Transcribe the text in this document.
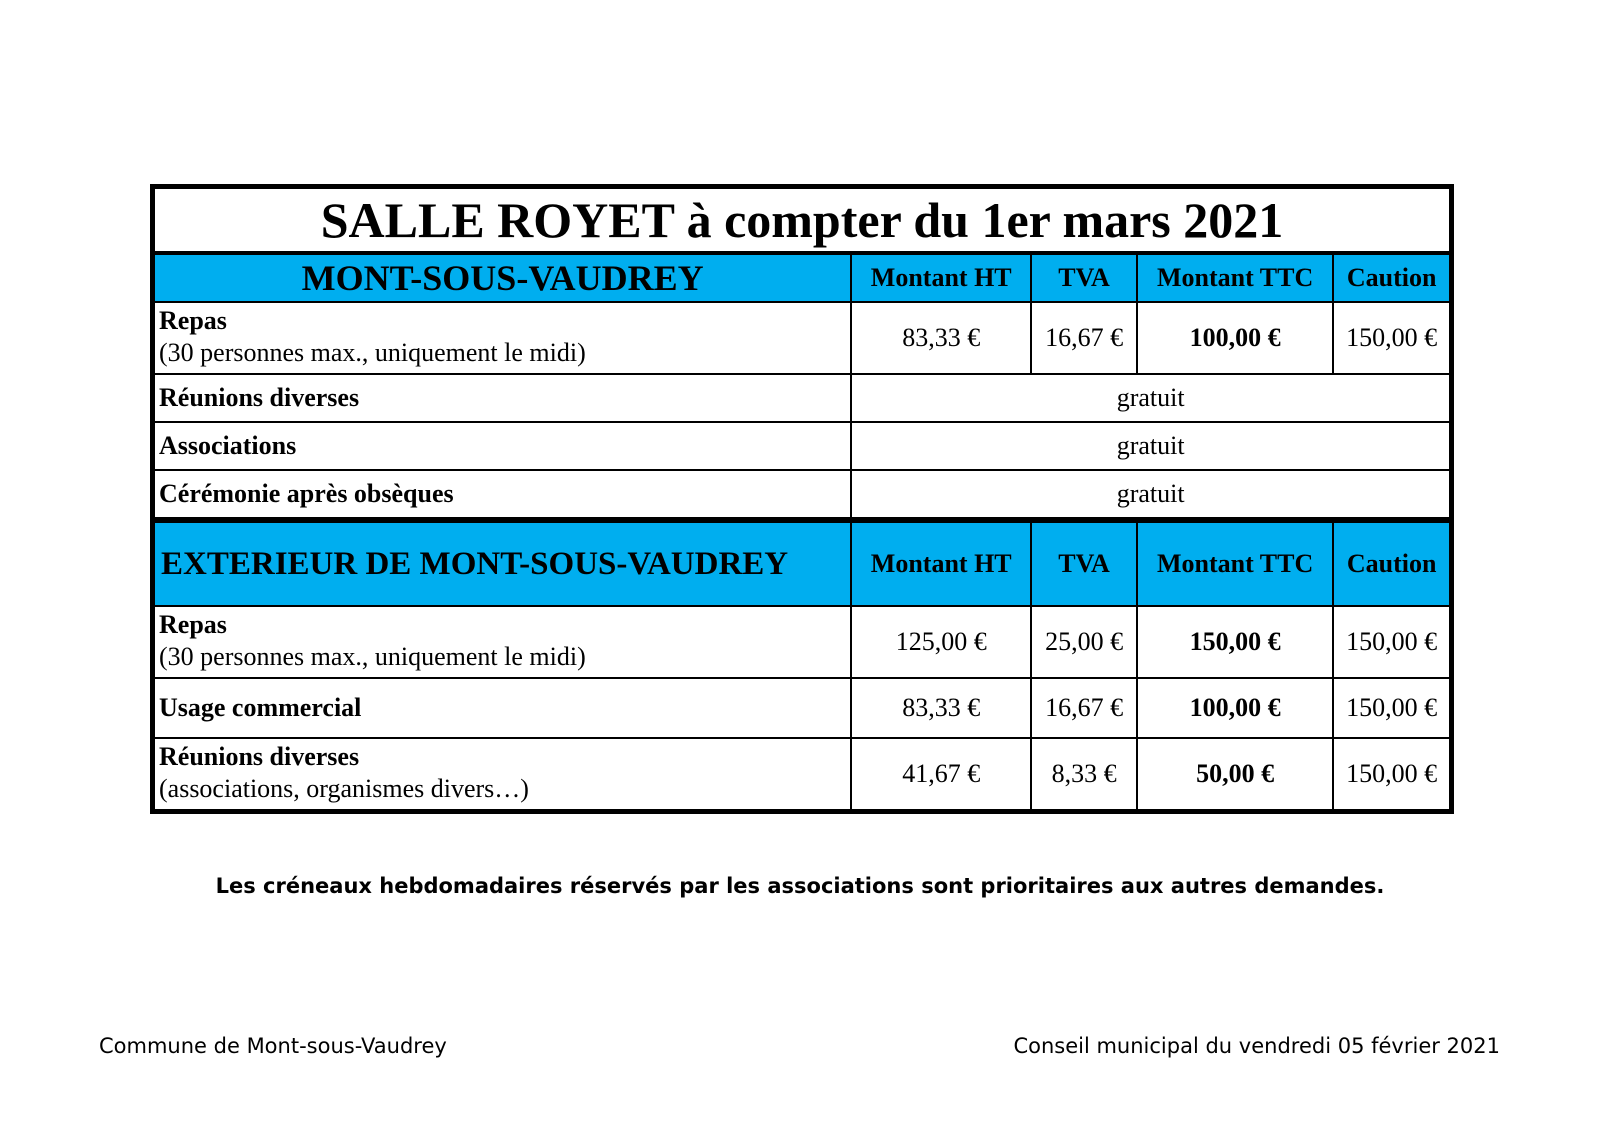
SALLE ROYET à compter du 1er mars 2021				
MONT-SOUS-VAUDREY	Montant HT	TVA	Montant TTC	Caution

Repas
(30 personnes max., uniquement le midi)	83,33 €	16,67 €	100,00 €	150,00 €

Réunions diverses	gratuit			

Associations	gratuit			

Cérémonie après obsèques	gratuit			
EXTERIEUR DE MONT-SOUS-VAUDREY	Montant HT	TVA	Montant TTC	Caution

Repas
(30 personnes max., uniquement le midi)	125,00 €	25,00 €	150,00 €	150,00 €

Usage commercial	83,33 €	16,67 €	100,00 €	150,00 €

Réunions diverses
(associations, organismes divers…)	41,67 €	8,33 €	50,00 €	150,00 €
Les créneaux hebdomadaires réservés par les associations sont prioritaires aux autres demandes.
Commune de Mont-sous-Vaudrey	Conseil municipal du vendredi 05 février 2021
